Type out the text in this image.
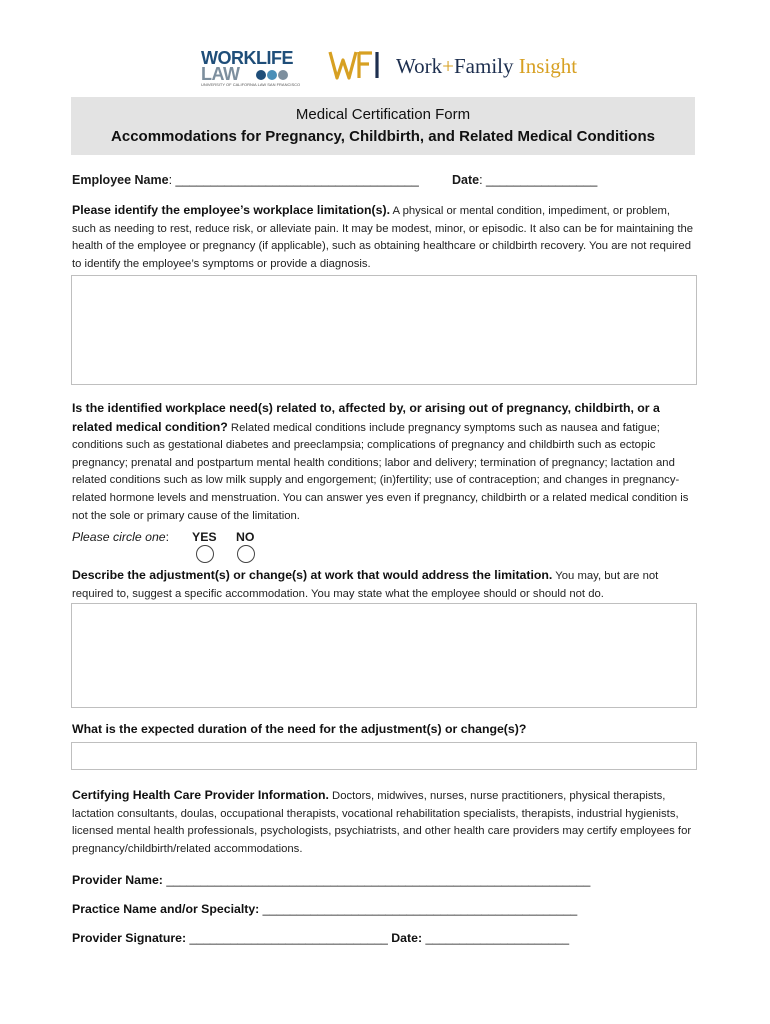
WORKLIFE
LAW
UNIVERSITY OF CALIFORNIA LAW SAN FRANCISCO
Work+Family Insight
Medical Certification Form
Accommodations for Pregnancy, Childbirth, and Related Medical Conditions
Employee Name: ___________________________________	Date: ________________
Please identify the employee’s workplace limitation(s). A physical or mental condition, impediment, or problem, such as needing to rest, reduce risk, or alleviate pain. It may be modest, minor, or episodic. It also can be for maintaining the health of the employee or pregnancy (if applicable), such as obtaining healthcare or childbirth recovery. You are not required to identify the employee’s symptoms or provide a diagnosis.
Is the identified workplace need(s) related to, affected by, or arising out of pregnancy, childbirth, or a related medical condition? Related medical conditions include pregnancy symptoms such as nausea and fatigue; conditions such as gestational diabetes and preeclampsia; complications of pregnancy and childbirth such as ectopic pregnancy; prenatal and postpartum mental health conditions; labor and delivery; termination of pregnancy; lactation and related conditions such as low milk supply and engorgement; (in)fertility; use of contraception; and changes in pregnancy-related hormone levels and menstruation. You can answer yes even if pregnancy, childbirth or a related medical condition is not the sole or primary cause of the limitation.
Please circle one: YES NO
Describe the adjustment(s) or change(s) at work that would address the limitation. You may, but are not required to, suggest a specific accommodation. You may state what the employee should or should not do.
What is the expected duration of the need for the adjustment(s) or change(s)?
Certifying Health Care Provider Information. Doctors, midwives, nurses, nurse practitioners, physical therapists, lactation consultants, doulas, occupational therapists, vocational rehabilitation specialists, therapists, industrial hygienists, licensed mental health professionals, psychologists, psychiatrists, and other health care providers may certify employees for pregnancy/childbirth/related accommodations.
Provider Name: ______________________________________________________________
Practice Name and/or Specialty: ______________________________________________
Provider Signature: _____________________________ Date: _____________________
